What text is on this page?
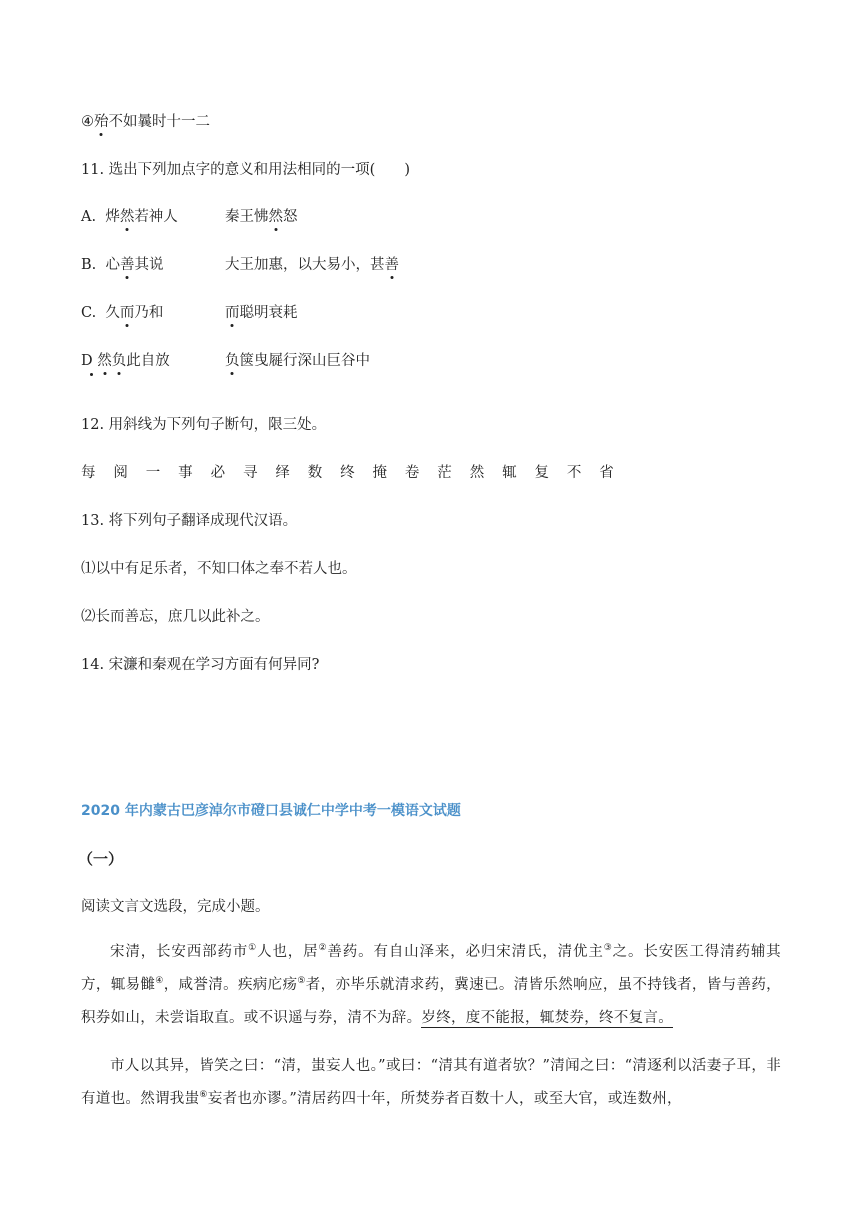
④殆不如曩时十一二
11. 选出下列加点字的意义和用法相同的一项(　　)
A. 烨然若神人	秦王怫然怒
B. 心善其说	大王加惠，以大易小，甚善
C. 久而乃和	而聪明衰耗
D 然负此自放	负箧曳屣行深山巨谷中
12. 用斜线为下列句子断句，限三处。
每 阅 一 事 必 寻 绎 数 终 掩 卷 茫 然 辄 复 不 省
13. 将下列句子翻译成现代汉语。
⑴以中有足乐者，不知口体之奉不若人也。
⑵长而善忘，庶几以此补之。
14. 宋濂和秦观在学习方面有何异同?
2020 年内蒙古巴彦淖尔市磴口县诚仁中学中考一模语文试题
（一）
阅读文言文选段，完成小题。

宋清，长安西部药市①人也，居②善药。有自山泽来，必归宋清氏，清优主③之。长安医工得清药辅其方，辄易雠④，咸誉清。疾病庀疡⑤者，亦毕乐就清求药，冀速已。清皆乐然响应，虽不持钱者，皆与善药，积券如山，未尝诣取直。或不识遥与券，清不为辞。岁终，度不能报，辄焚券，终不复言。

市人以其异，皆笑之曰：“清，蚩妄人也。”或曰：“清其有道者欤？”清闻之曰：“清逐利以活妻子耳，非有道也。然谓我蚩⑥妄者也亦谬。”清居药四十年，所焚券者百数十人，或至大官，或连数州，
